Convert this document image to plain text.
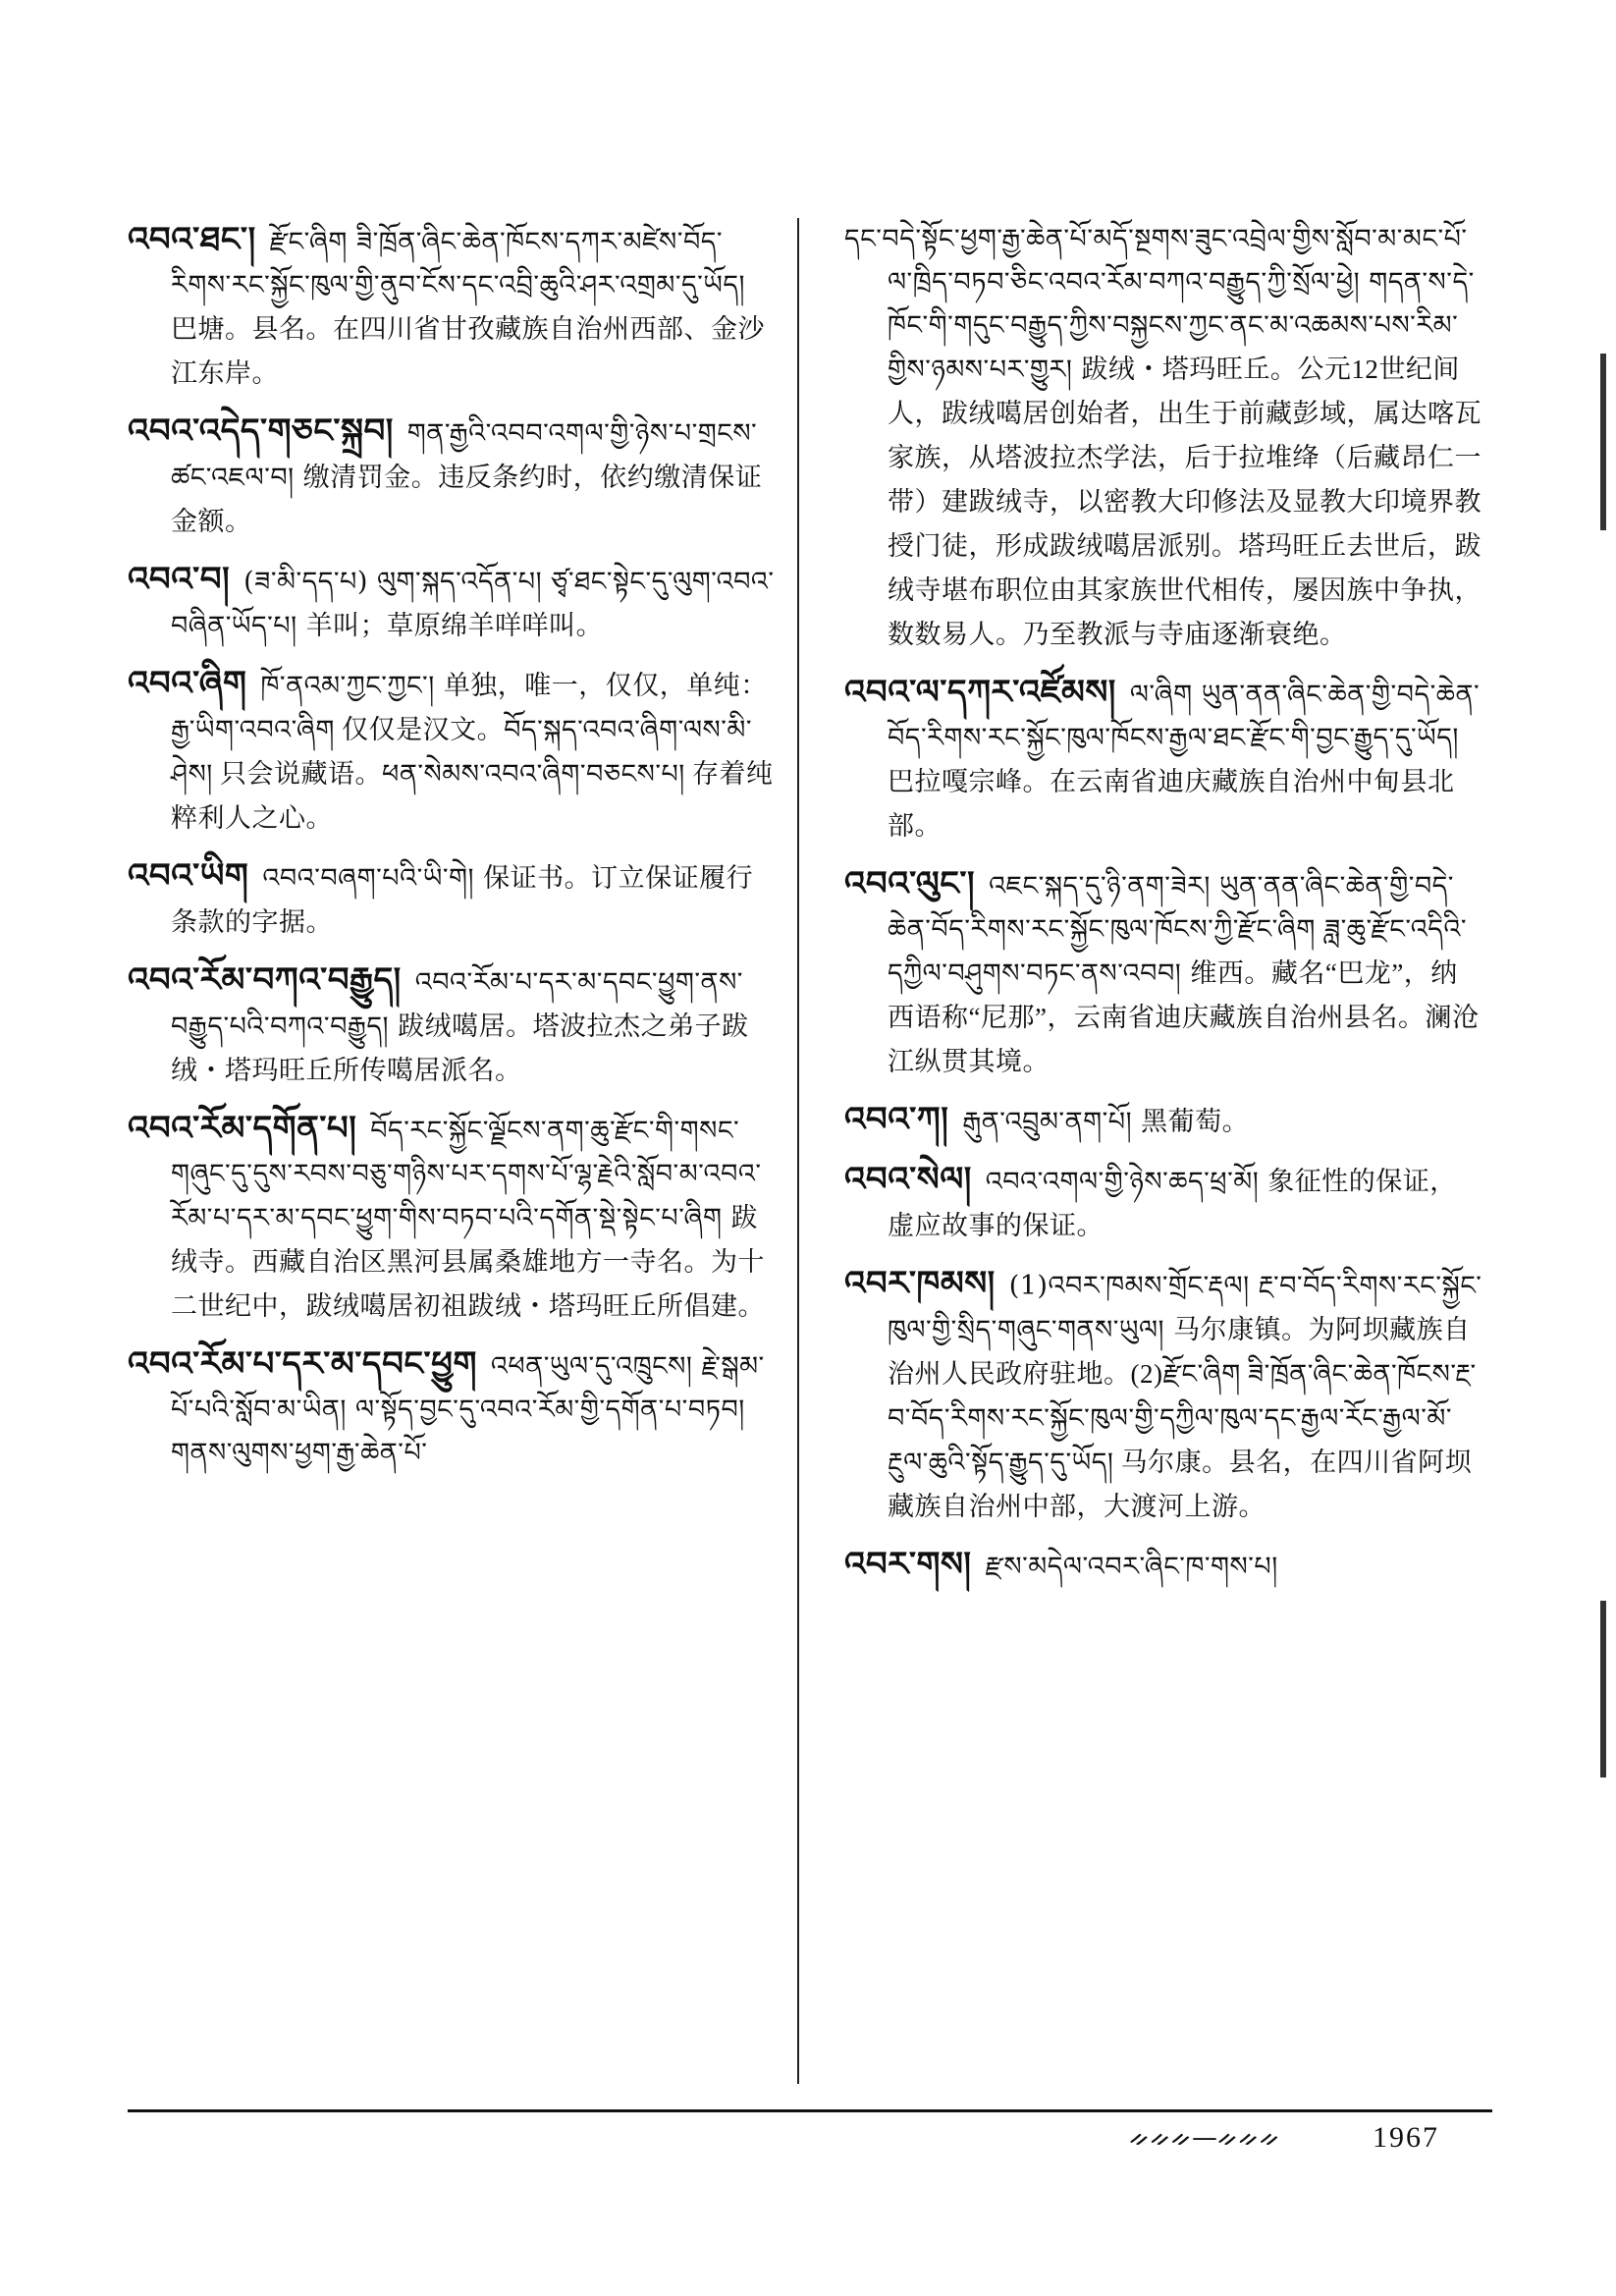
འབའ་ཐང་། རྫོང་ཞིག ཟི་ཁྲོན་ཞིང་ཆེན་ཁོངས་དཀར་མཛེས་བོད་རིགས་རང་སྐྱོང་ཁུལ་གྱི་ནུབ་ངོས་དང་འབྲི་ཆུའི་ཤར་འགྲམ་དུ་ཡོད། 巴塘。县名。在四川省甘孜藏族自治州西部、金沙江东岸。

འབའ་འདེད་གཅང་སྐྲབ། གན་རྒྱའི་འབབ་འགལ་གྱི་ཉེས་པ་གྲངས་ཚང་འཇལ་བ། 缴清罚金。违反条约时，依约缴清保证金额。

འབའ་བ། (ཟ་མི་དད་པ) ལུག་སྐད་འདོན་པ། ཙྭ་ཐང་སྟེང་དུ་ལུག་འབའ་བཞིན་ཡོད་པ། 羊叫；草原绵羊咩咩叫。

འབའ་ཞིག ཁོ་ནའམ་ཀྱང་ཀྱང་། 单独，唯一，仅仅，单纯：རྒྱ་ཡིག་འབའ་ཞིག 仅仅是汉文。བོད་སྐད་འབའ་ཞིག་ལས་མི་ཤེས། 只会说藏语。ཕན་སེམས་འབའ་ཞིག་བཅངས་པ། 存着纯粹利人之心。

འབའ་ཡིག འབའ་བཞག་པའི་ཡི་གེ། 保证书。订立保证履行条款的字据。

འབའ་རོམ་བཀའ་བརྒྱུད། འབའ་རོམ་པ་དར་མ་དབང་ཕྱུག་ནས་བརྒྱུད་པའི་བཀའ་བརྒྱུད། 跋绒噶居。塔波拉杰之弟子跋绒・塔玛旺丘所传噶居派名。

འབའ་རོམ་དགོན་པ། བོད་རང་སྐྱོང་ལྗོངས་ནག་ཆུ་རྫོང་གི་གསང་གཞུང་དུ་དུས་རབས་བཅུ་གཉིས་པར་དགས་པོ་ལྷ་རྗེའི་སློབ་མ་འབའ་རོམ་པ་དར་མ་དབང་ཕྱུག་གིས་བཏབ་པའི་དགོན་སྡེ་སྟེང་པ་ཞིག 跋绒寺。西藏自治区黑河县属桑雄地方一寺名。为十二世纪中，跋绒噶居初祖跋绒・塔玛旺丘所倡建。

འབའ་རོམ་པ་དར་མ་དབང་ཕྱུག འཕན་ཡུལ་དུ་འཁྲུངས། རྗེ་སྒམ་པོ་པའི་སློབ་མ་ཡིན། ལ་སྟོད་བྱང་དུ་འབའ་རོམ་གྱི་དགོན་པ་བཏབ། གནས་ལུགས་ཕྱག་རྒྱ་ཆེན་པོ་

དང་བདེ་སྟོང་ཕྱག་རྒྱ་ཆེན་པོ་མདོ་སྔགས་ཟུང་འབྲེལ་གྱིས་སློབ་མ་མང་པོ་ལ་ཁྲིད་བཏབ་ཅིང་འབའ་རོམ་བཀའ་བརྒྱུད་ཀྱི་སྲོལ་ཕྱེ། གདན་ས་དེ་ཁོང་གི་གདུང་བརྒྱུད་ཀྱིས་བསྐྱངས་ཀྱང་ནང་མ་འཆམས་པས་རིམ་གྱིས་ཉམས་པར་གྱུར། 跋绒・塔玛旺丘。公元12世纪间人，跋绒噶居创始者，出生于前藏彭域，属达喀瓦家族，从塔波拉杰学法，后于拉堆绛（后藏昂仁一带）建跋绒寺，以密教大印修法及显教大印境界教授门徒，形成跋绒噶居派别。塔玛旺丘去世后，跋绒寺堪布职位由其家族世代相传，屡因族中争执，数数易人。乃至教派与寺庙逐渐衰绝。

འབའ་ལ་དཀར་འཛོམས། ལ་ཞིག ཡུན་ནན་ཞིང་ཆེན་གྱི་བདེ་ཆེན་བོད་རིགས་རང་སྐྱོང་ཁུལ་ཁོངས་རྒྱལ་ཐང་རྫོང་གི་བྱང་རྒྱུད་དུ་ཡོད། 巴拉嘎宗峰。在云南省迪庆藏族自治州中甸县北部。

འབའ་ལུང་། འཇང་སྐད་དུ་ཉི་ནག་ཟེར། ཡུན་ནན་ཞིང་ཆེན་གྱི་བདེ་ཆེན་བོད་རིགས་རང་སྐྱོང་ཁུལ་ཁོངས་ཀྱི་རྫོང་ཞིག ཟླ་ཆུ་རྫོང་འདིའི་དཀྱིལ་བཤུགས་བཏང་ནས་འབབ། 维西。藏名“巴龙”，纳西语称“尼那”，云南省迪庆藏族自治州县名。澜沧江纵贯其境。

འབའ་ཀ། རྒུན་འབྲུམ་ནག་པོ། 黑葡萄。

འབའ་སེལ། འབའ་འགལ་གྱི་ཉེས་ཆད་ཕྲ་མོ། 象征性的保证，虚应故事的保证。

འབར་ཁམས། (1)འབར་ཁམས་གྲོང་རྡལ། རྔ་བ་བོད་རིགས་རང་སྐྱོང་ཁུལ་གྱི་སྲིད་གཞུང་གནས་ཡུལ། 马尔康镇。为阿坝藏族自治州人民政府驻地。(2)རྫོང་ཞིག ཟི་ཁྲོན་ཞིང་ཆེན་ཁོངས་རྔ་བ་བོད་རིགས་རང་སྐྱོང་ཁུལ་གྱི་དཀྱིལ་ཁུལ་དང་རྒྱལ་རོང་རྒྱལ་མོ་རྔུལ་ཆུའི་སྟོད་རྒྱུད་དུ་ཡོད། 马尔康。县名，在四川省阿坝藏族自治州中部，大渡河上游。

འབར་གས། རྫས་མདེལ་འབར་ཞིང་ཁ་གས་པ།

ᨀᨀᨀ—ᨀᨀᨀ	1967
